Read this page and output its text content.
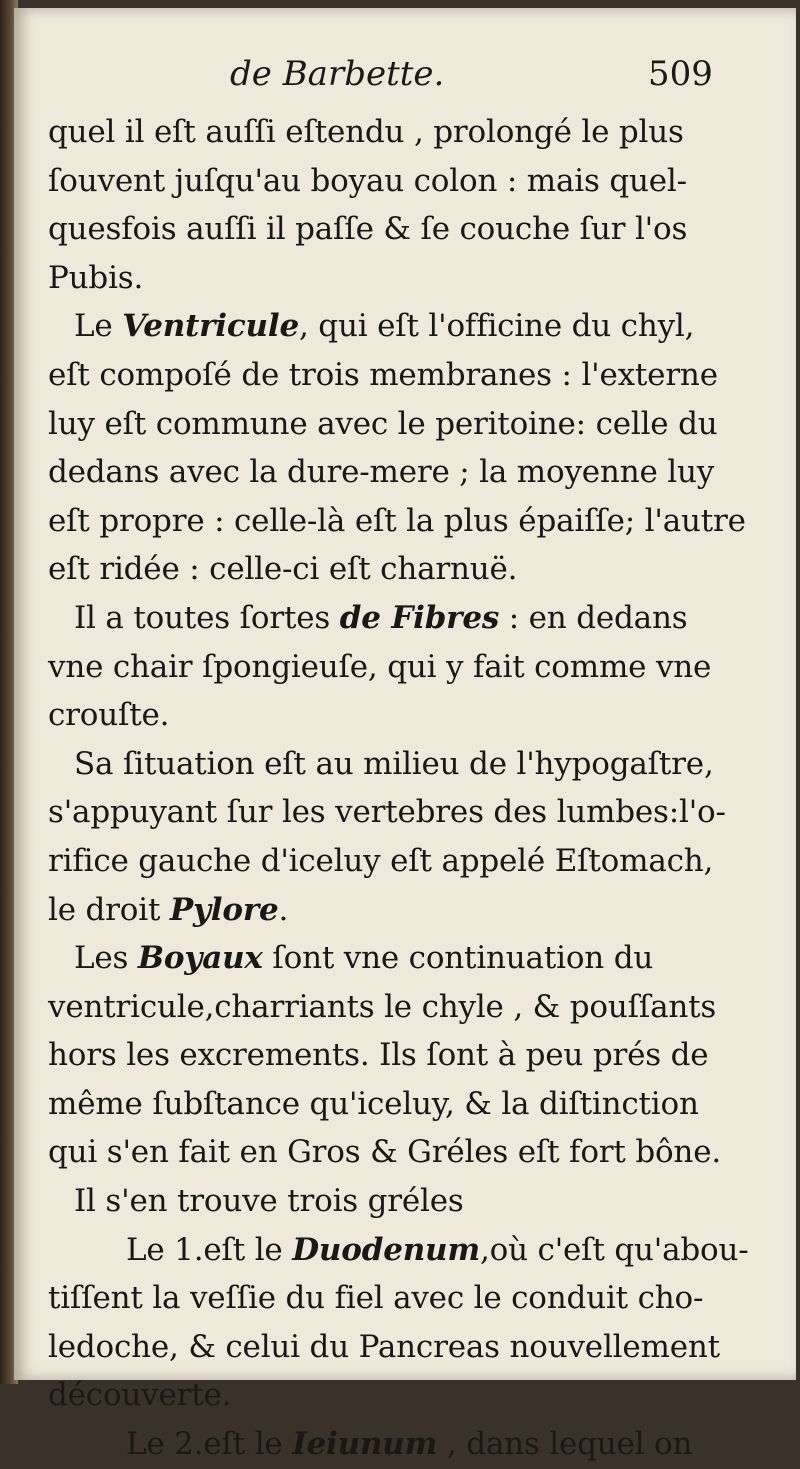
de Barbette.	509
quel il eſt auſſi eſtendu , prolongé le plus
ſouvent juſqu'au boyau colon : mais quel-
quesfois auſſi il paſſe & ſe couche ſur l'os
Pubis.
Le Ventricule, qui eſt l'officine du chyl,
eſt compoſé de trois membranes : l'externe
luy eſt commune avec le peritoine: celle du
dedans avec la dure-mere ; la moyenne luy
eſt propre : celle-là eſt la plus épaiſſe; l'autre
eſt ridée : celle-ci eſt charnuë.
Il a toutes ſortes de Fibres : en dedans
vne chair ſpongieuſe, qui y fait comme vne
crouſte.
Sa ſituation eſt au milieu de l'hypogaſtre,
s'appuyant ſur les vertebres des lumbes:l'o-
rifice gauche d'iceluy eſt appelé Eſtomach,
le droit Pylore.
Les Boyaux ſont vne continuation du
ventricule,charriants le chyle , & pouſſants
hors les excrements. Ils ſont à peu prés de
même ſubſtance qu'iceluy, & la diſtinction
qui s'en fait en Gros & Gréles eſt fort bône.
Il s'en trouve trois gréles
Le 1.eſt le Duodenum,où c'eſt qu'abou-
tiſſent la veſſie du fiel avec le conduit cho-
ledoche, & celui du Pancreas nouvellement
découverte.
Le 2.eſt le Ieiunum , dans lequel on
